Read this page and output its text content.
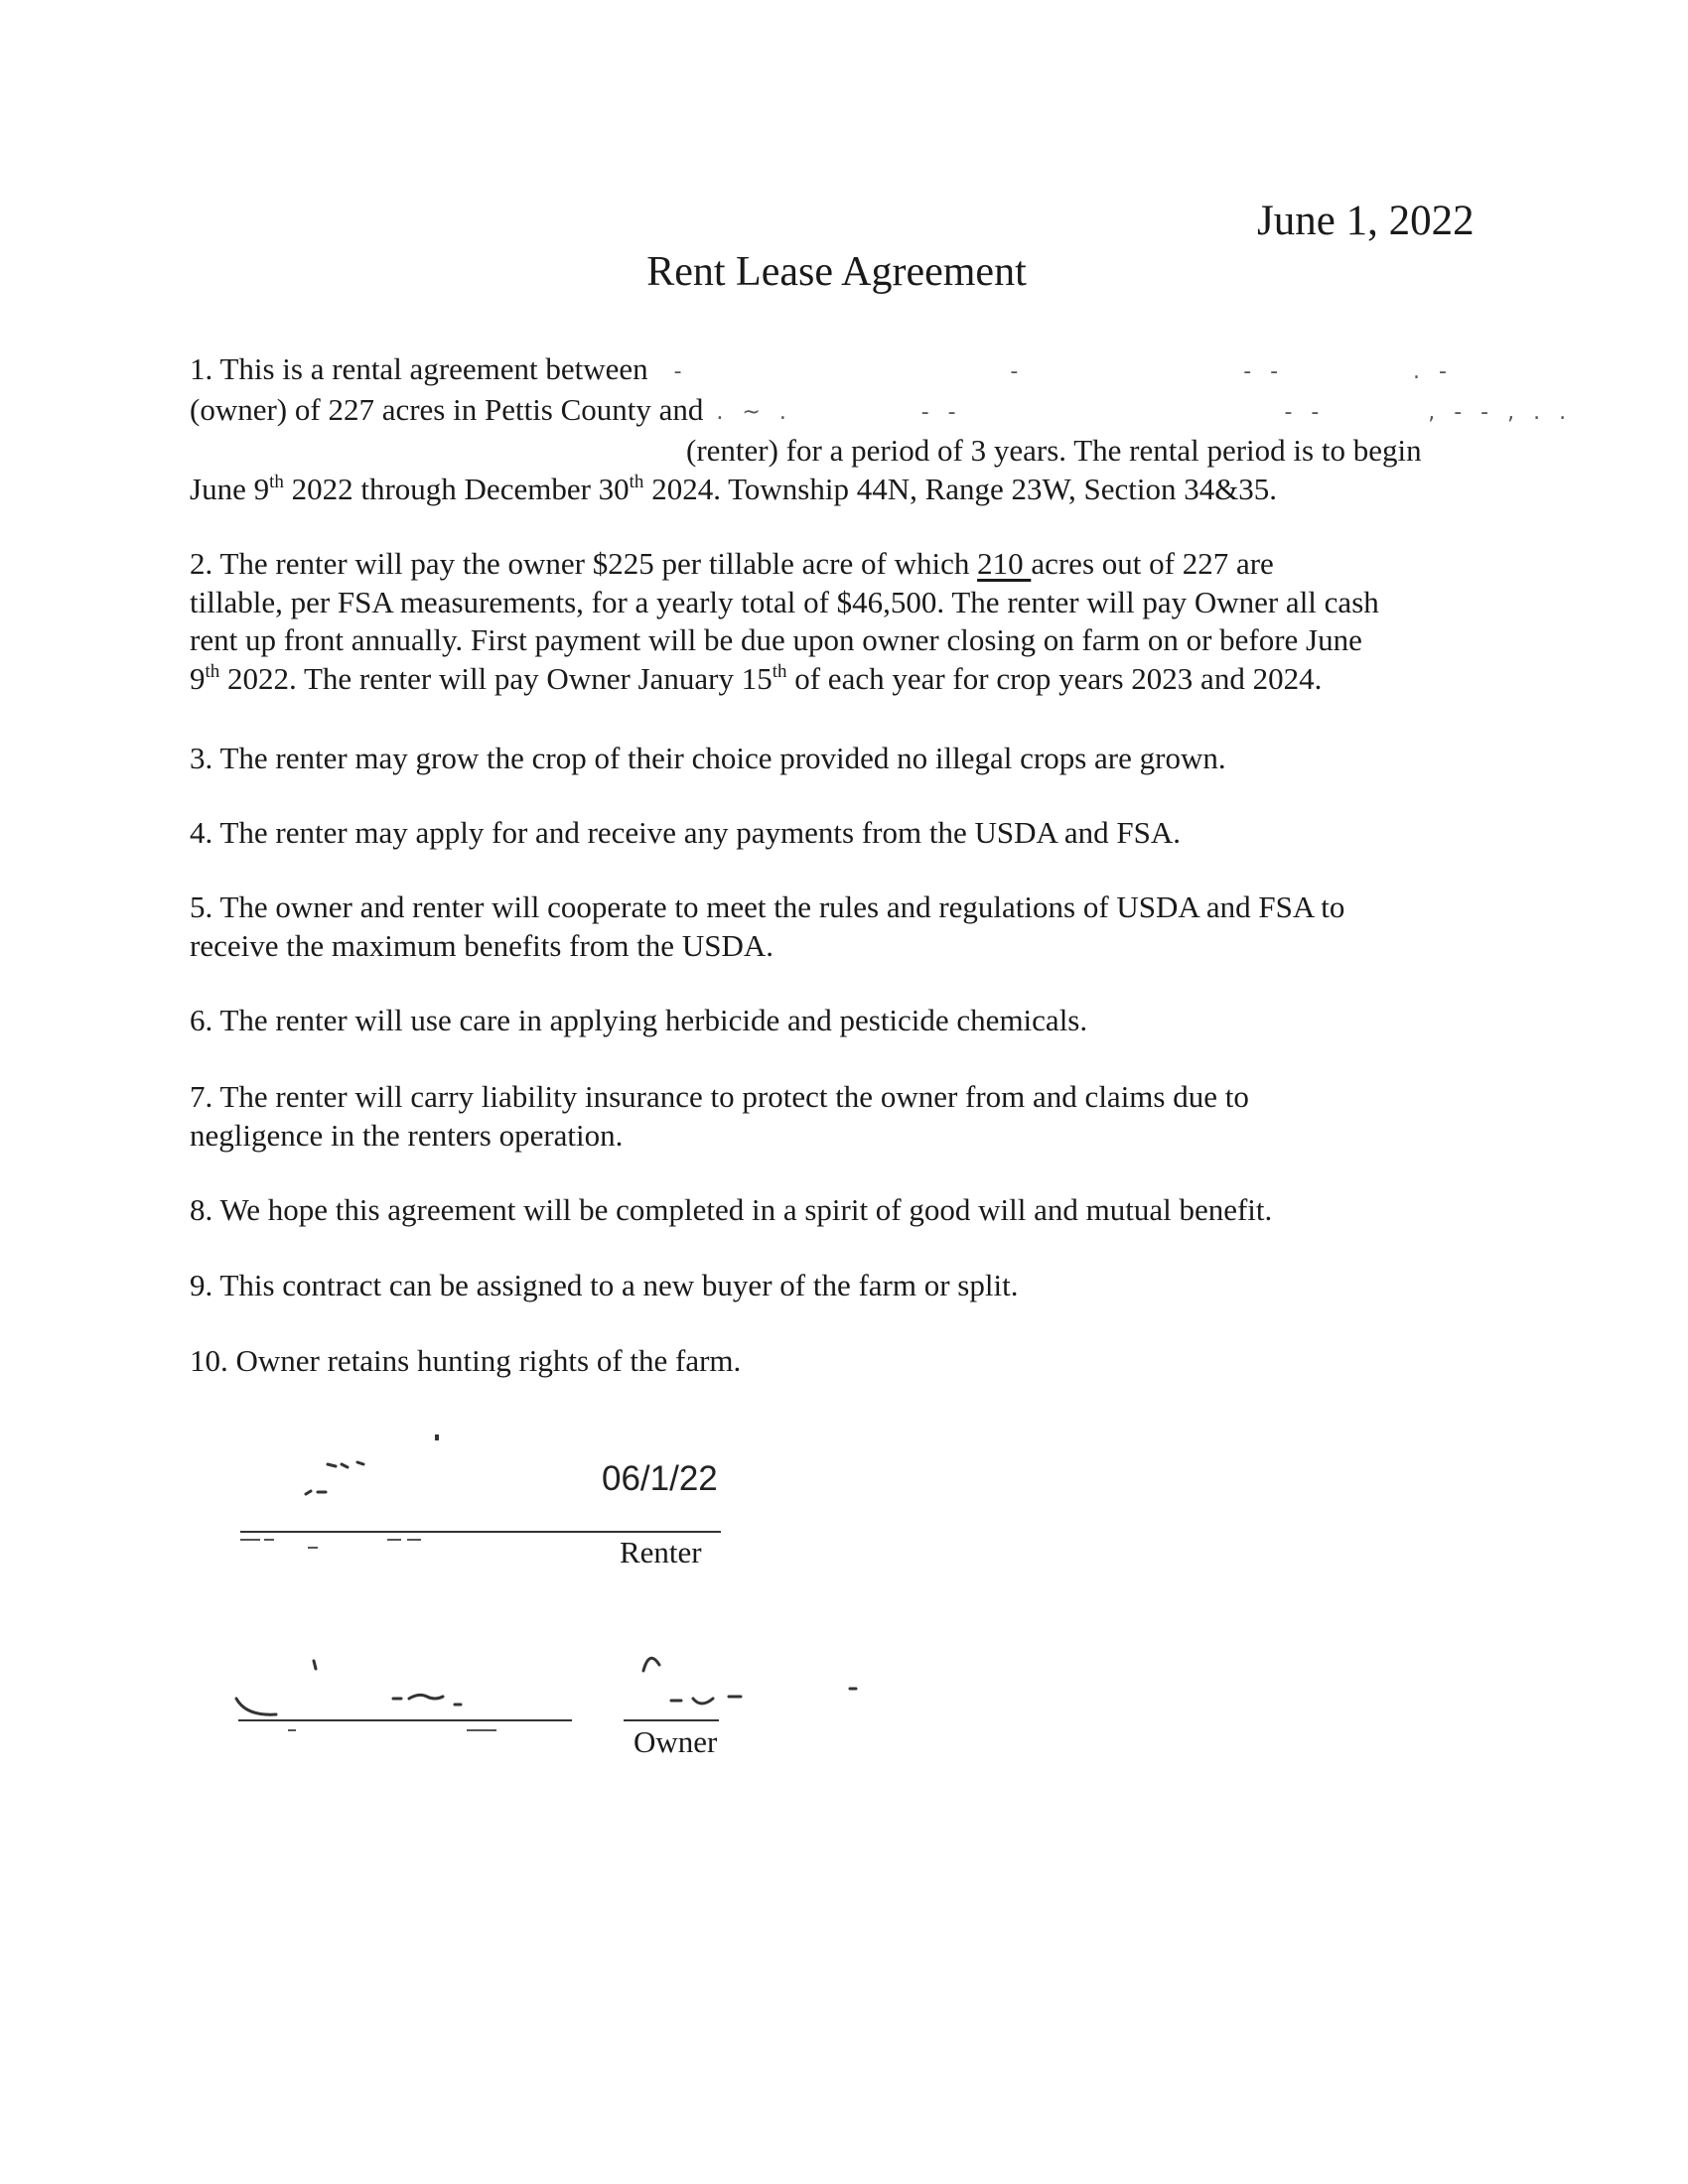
June 1, 2022
Rent Lease Agreement
1. This is a rental agreement between  -                         -                 - -          . -
(owner) of 227 acres in Pettis County and . ~ .          - -                         - -        , - - , . .
(renter) for a period of 3 years. The rental period is to begin
June 9th 2022 through December 30th 2024. Township 44N, Range 23W, Section 34&35.
2. The renter will pay the owner $225 per tillable acre of which 210 acres out of 227 are
tillable, per FSA measurements, for a yearly total of $46,500. The renter will pay Owner all cash
rent up front annually. First payment will be due upon owner closing on farm on or before June
9th 2022. The renter will pay Owner January 15th of each year for crop years 2023 and 2024.
3. The renter may grow the crop of their choice provided no illegal crops are grown.
4. The renter may apply for and receive any payments from the USDA and FSA.
5. The owner and renter will cooperate to meet the rules and regulations of USDA and FSA to
receive the maximum benefits from the USDA.
6. The renter will use care in applying herbicide and pesticide chemicals.
7. The renter will carry liability insurance to protect the owner from and claims due to
negligence in the renters operation.
8. We hope this agreement will be completed in a spirit of good will and mutual benefit.
9. This contract can be assigned to a new buyer of the farm or split.
10. Owner retains hunting rights of the farm.
06/1/22
Renter
Owner
